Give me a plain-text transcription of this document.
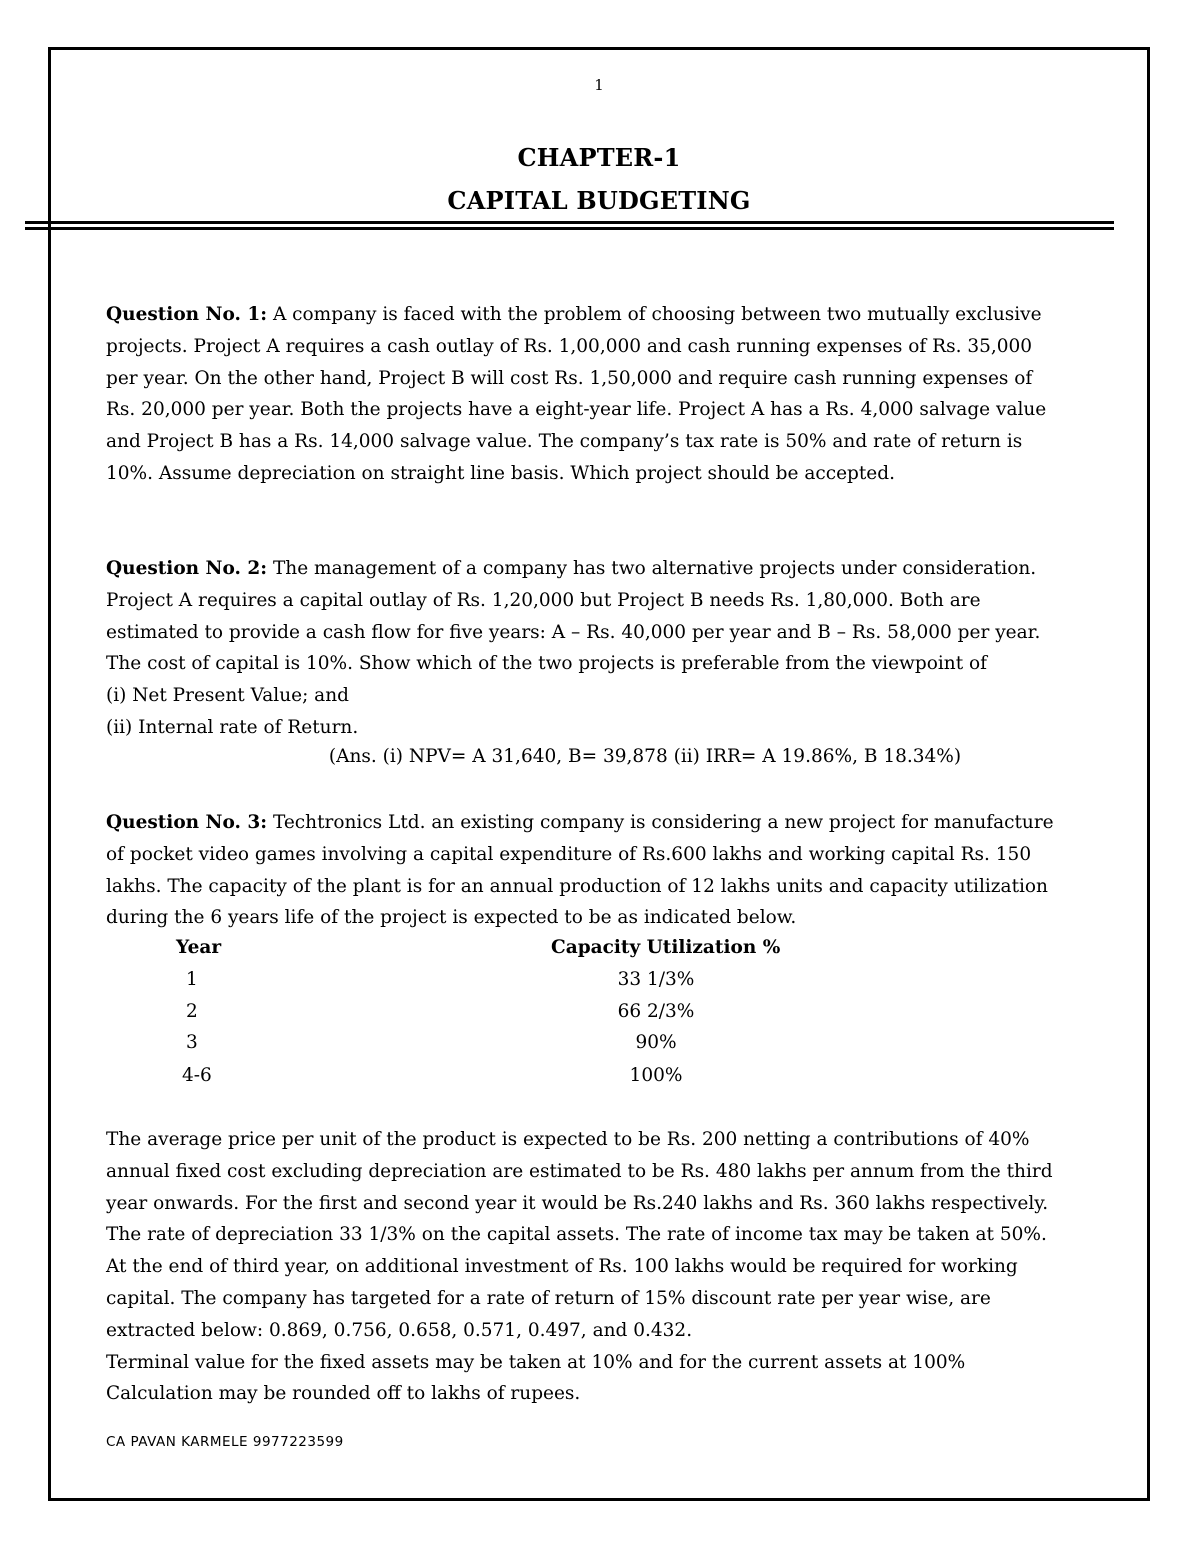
1
CHAPTER-1
CAPITAL BUDGETING
Question No. 1: A company is faced with the problem of choosing between two mutually exclusive
projects. Project A requires a cash outlay of Rs. 1,00,000 and cash running expenses of Rs. 35,000
per year. On the other hand, Project B will cost Rs. 1,50,000 and require cash running expenses of
Rs. 20,000 per year. Both the projects have a eight-year life. Project A has a Rs. 4,000 salvage value
and Project B has a Rs. 14,000 salvage value. The company’s tax rate is 50% and rate of return is
10%. Assume depreciation on straight line basis. Which project should be accepted.
Question No. 2: The management of a company has two alternative projects under consideration.
Project A requires a capital outlay of Rs. 1,20,000 but Project B needs Rs. 1,80,000. Both are
estimated to provide a cash flow for five years: A – Rs. 40,000 per year and B – Rs. 58,000 per year.
The cost of capital is 10%. Show which of the two projects is preferable from the viewpoint of
(i) Net Present Value; and
(ii) Internal rate of Return.
(Ans. (i) NPV= A 31,640, B= 39,878 (ii) IRR= A 19.86%, B 18.34%)
Question No. 3: Techtronics Ltd. an existing company is considering a new project for manufacture
of pocket video games involving a capital expenditure of Rs.600 lakhs and working capital Rs. 150
lakhs. The capacity of the plant is for an annual production of 12 lakhs units and capacity utilization
during the 6 years life of the project is expected to be as indicated below.
Year	Capacity Utilization %
1	33 1/3%
2	66 2/3%
3	90%
4-6	100%
The average price per unit of the product is expected to be Rs. 200 netting a contributions of 40%
annual fixed cost excluding depreciation are estimated to be Rs. 480 lakhs per annum from the third
year onwards. For the first and second year it would be Rs.240 lakhs and Rs. 360 lakhs respectively.
The rate of depreciation 33 1/3% on the capital assets. The rate of income tax may be taken at 50%.
At the end of third year, on additional investment of Rs. 100 lakhs would be required for working
capital. The company has targeted for a rate of return of 15% discount rate per year wise, are
extracted below: 0.869, 0.756, 0.658, 0.571, 0.497, and 0.432.
Terminal value for the fixed assets may be taken at 10% and for the current assets at 100%
Calculation may be rounded off to lakhs of rupees.
CA PAVAN KARMELE 9977223599
